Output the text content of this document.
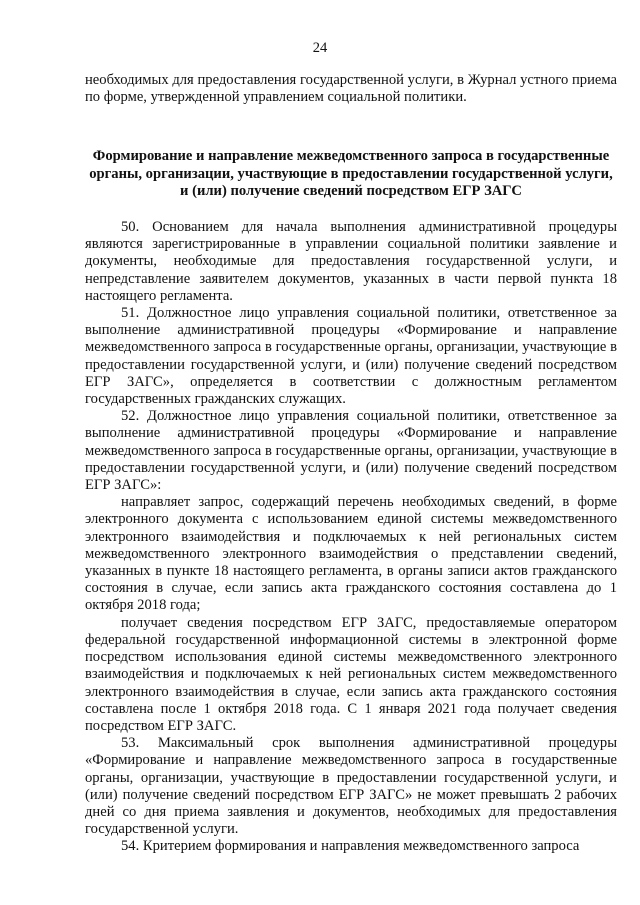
24

необходимых для предоставления государственной услуги, в Журнал устного приема по форме, утвержденной управлением социальной политики.

Формирование и направление межведомственного запроса в государственные органы, организации, участвующие в предоставлении государственной услуги, и (или) получение сведений посредством ЕГР ЗАГС

50. Основанием для начала выполнения административной процедуры являются зарегистрированные в управлении социальной политики заявление и документы, необходимые для предоставления государственной услуги, и непредставление заявителем документов, указанных в части первой пункта 18 настоящего регламента.

51. Должностное лицо управления социальной политики, ответственное за выполнение административной процедуры «Формирование и направление межведомственного запроса в государственные органы, организации, участвующие в предоставлении государственной услуги, и (или) получение сведений посредством ЕГР ЗАГС», определяется в соответствии с должностным регламентом государственных гражданских служащих.

52. Должностное лицо управления социальной политики, ответственное за выполнение административной процедуры «Формирование и направление межведомственного запроса в государственные органы, организации, участвующие в предоставлении государственной услуги, и (или) получение сведений посредством ЕГР ЗАГС»:

направляет запрос, содержащий перечень необходимых сведений, в форме электронного документа с использованием единой системы межведомственного электронного взаимодействия и подключаемых к ней региональных систем межведомственного электронного взаимодействия о представлении сведений, указанных в пункте 18 настоящего регламента, в органы записи актов гражданского состояния в случае, если запись акта гражданского состояния составлена до 1 октября 2018 года;

получает сведения посредством ЕГР ЗАГС, предоставляемые оператором федеральной государственной информационной системы в электронной форме посредством использования единой системы межведомственного электронного взаимодействия и подключаемых к ней региональных систем межведомственного электронного взаимодействия в случае, если запись акта гражданского состояния составлена после 1 октября 2018 года. С 1 января 2021 года получает сведения посредством ЕГР ЗАГС.

53. Максимальный срок выполнения административной процедуры «Формирование и направление межведомственного запроса в государственные органы, организации, участвующие в предоставлении государственной услуги, и (или) получение сведений посредством ЕГР ЗАГС» не может превышать 2 рабочих дней со дня приема заявления и документов, необходимых для предоставления государственной услуги.

54. Критерием формирования и направления межведомственного запроса
